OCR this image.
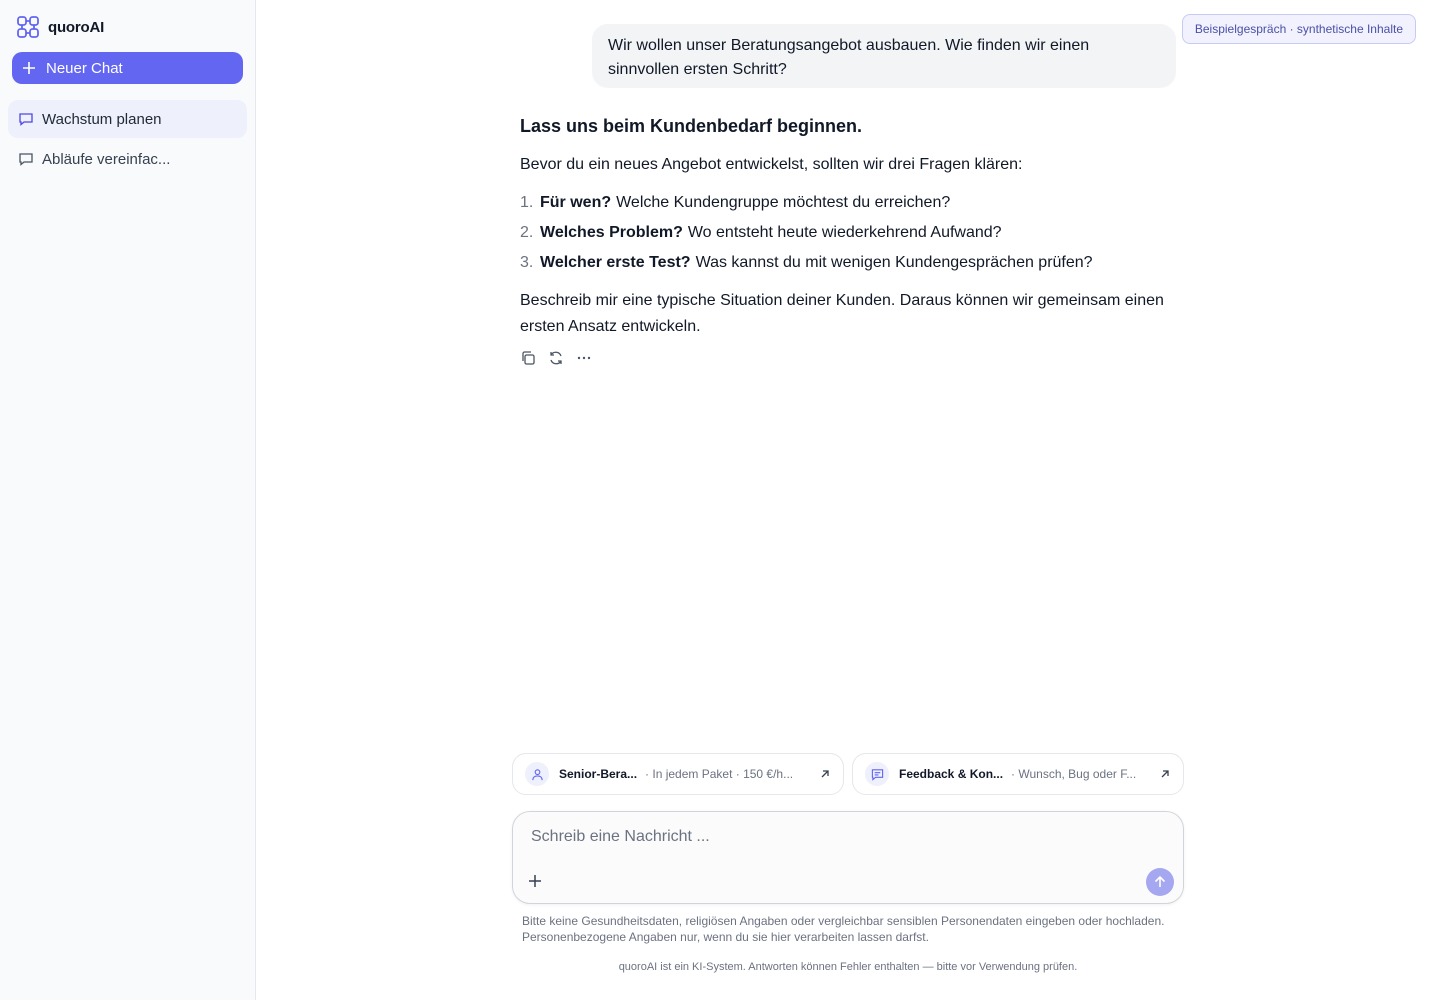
quoroAI
Neuer Chat
Wachstum planen
Abläufe vereinfac...
Beispielgespräch · synthetische Inhalte
Wir wollen unser Beratungsangebot ausbauen. Wie finden wir einen sinnvollen ersten Schritt?
Lass uns beim Kundenbedarf beginnen.

Bevor du ein neues Angebot entwickelst, sollten wir drei Fragen klären:

1. Für wen? Welche Kundengruppe möchtest du erreichen?
2. Welches Problem? Wo entsteht heute wiederkehrend Aufwand?
3. Welcher erste Test? Was kannst du mit wenigen Kundengesprächen prüfen?

Beschreib mir eine typische Situation deiner Kunden. Daraus können wir gemeinsam einen ersten Ansatz entwickeln.

Senior-Bera... · In jedem Paket · 150 €/h...	Feedback & Kon... · Wunsch, Bug oder F...
Schreib eine Nachricht ...

Bitte keine Gesundheitsdaten, religiösen Angaben oder vergleichbar sensiblen Personendaten eingeben oder hochladen. Personenbezogene Angaben nur, wenn du sie hier verarbeiten lassen darfst.

quoroAI ist ein KI-System. Antworten können Fehler enthalten — bitte vor Verwendung prüfen.
